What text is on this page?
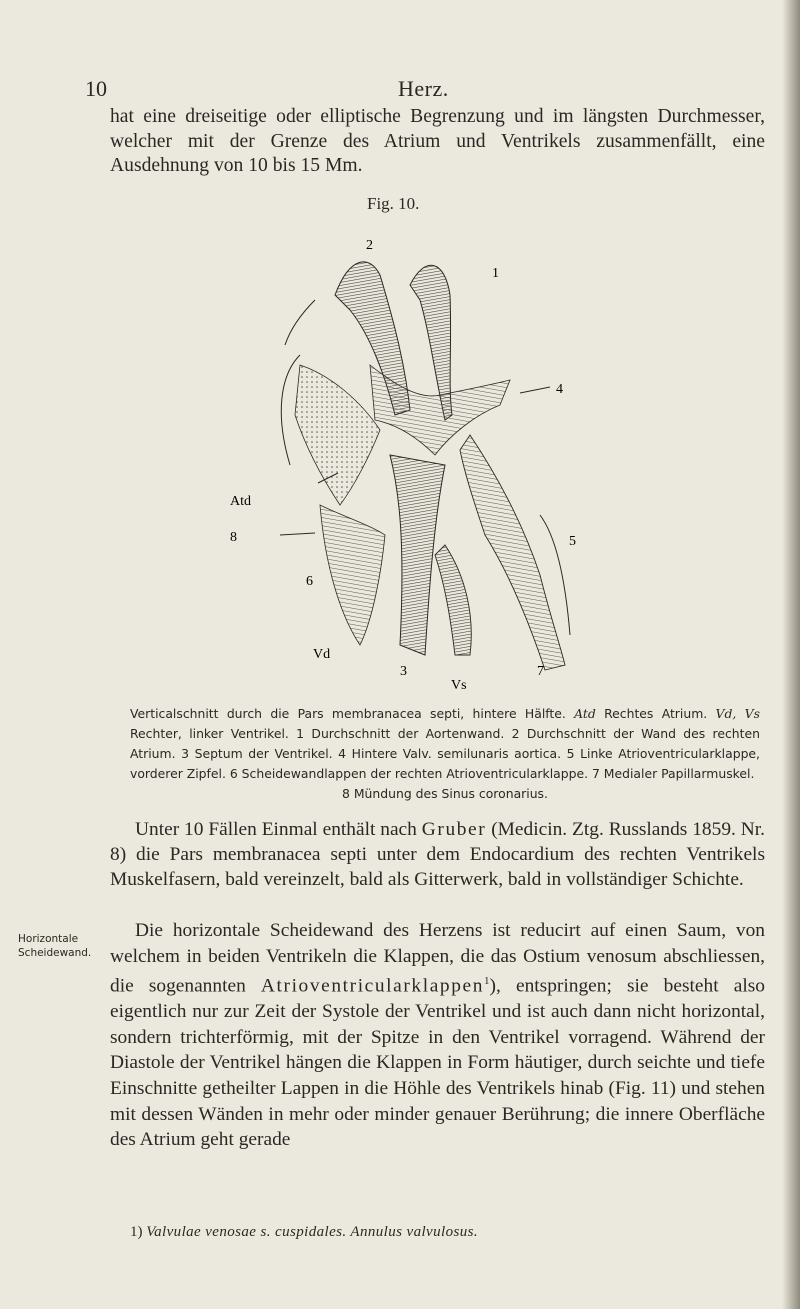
10	Herz.

hat eine dreiseitige oder elliptische Begrenzung und im längsten Durchmesser, welcher mit der Grenze des Atrium und Ventrikels zusammenfällt, eine Ausdehnung von 10 bis 15 Mm.

Fig. 10.
2
1
4
5
Atd
8
6
Vd
3
Vs
7
Verticalschnitt durch die Pars membranacea septi, hintere Hälfte. Atd Rechtes Atrium. Vd, Vs Rechter, linker Ventrikel. 1 Durchschnitt der Aortenwand. 2 Durchschnitt der Wand des rechten Atrium. 3 Septum der Ventrikel. 4 Hintere Valv. semilunaris aortica. 5 Linke Atrioventricularklappe, vorderer Zipfel. 6 Scheidewandlappen der rechten Atrioventricularklappe. 7 Medialer Papillarmuskel.
8 Mündung des Sinus coronarius.

Unter 10 Fällen Einmal enthält nach Gruber (Medicin. Ztg. Russlands 1859. Nr. 8) die Pars membranacea septi unter dem Endocardium des rechten Ventrikels Muskelfasern, bald vereinzelt, bald als Gitterwerk, bald in vollständiger Schichte.

Horizontale Scheidewand.

Die horizontale Scheidewand des Herzens ist reducirt auf einen Saum, von welchem in beiden Ventrikeln die Klappen, die das Ostium venosum abschliessen, die sogenannten Atrioventricularklappen$^1$), entspringen; sie besteht also eigentlich nur zur Zeit der Systole der Ventrikel und ist auch dann nicht horizontal, sondern trichterförmig, mit der Spitze in den Ventrikel vorragend. Während der Diastole der Ventrikel hängen die Klappen in Form häutiger, durch seichte und tiefe Einschnitte getheilter Lappen in die Höhle des Ventrikels hinab (Fig. 11) und stehen mit dessen Wänden in mehr oder minder genauer Berührung; die innere Oberfläche des Atrium geht gerade

1) Valvulae venosae s. cuspidales. Annulus valvulosus.
